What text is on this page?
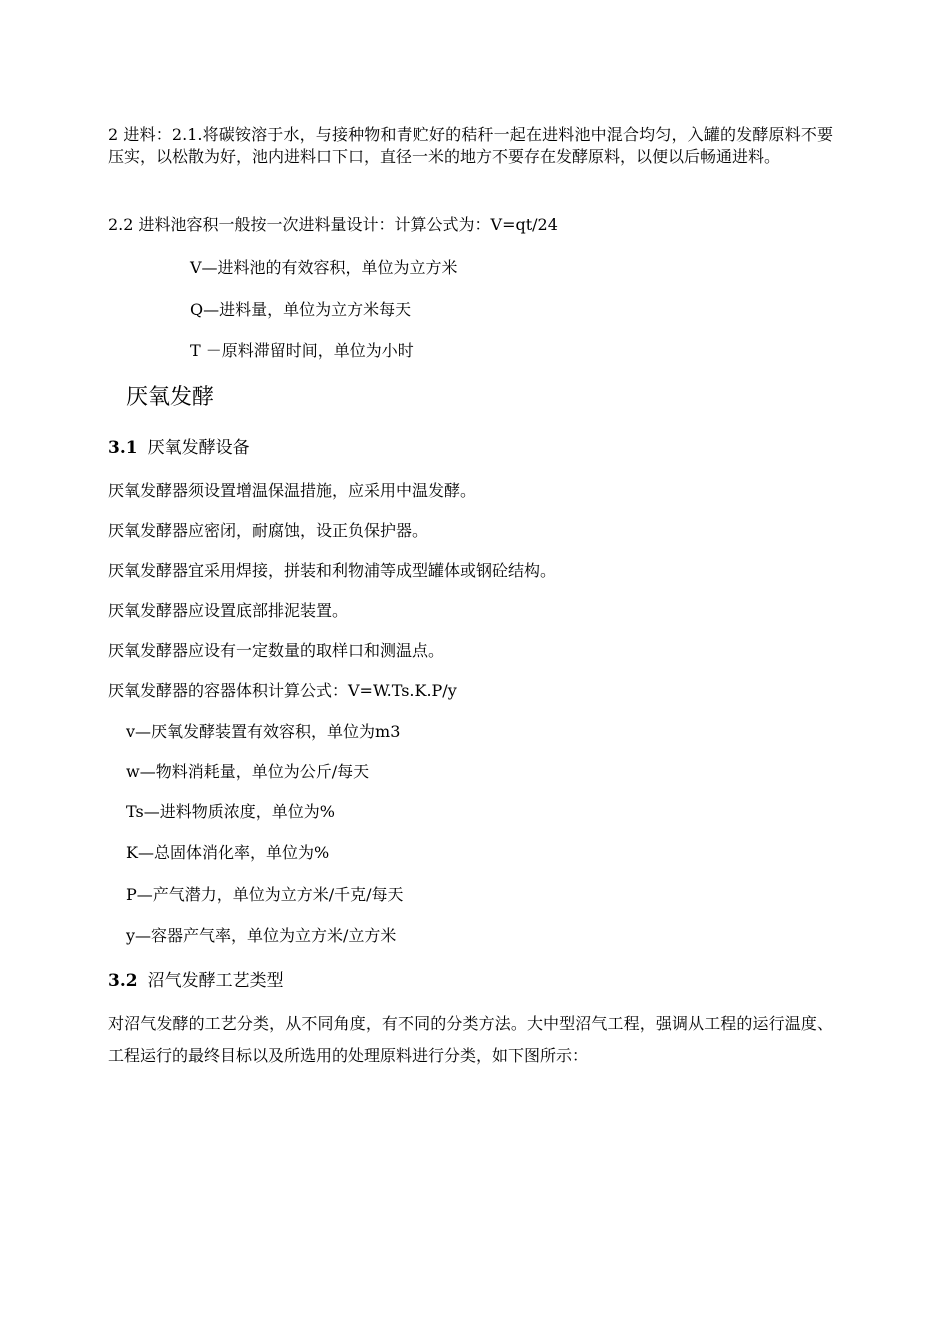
2 进料：2.1.将碳铵溶于水，与接种物和青贮好的秸秆一起在进料池中混合均匀，入罐的发酵原料不要压实，以松散为好，池内进料口下口，直径一米的地方不要存在发酵原料，以便以后畅通进料。
2.2 进料池容积一般按一次进料量设计：计算公式为：V=qt/24
V—进料池的有效容积，单位为立方米
Q—进料量，单位为立方米每天
T －原料滞留时间，单位为小时
厌氧发酵
3.1 厌氧发酵设备
厌氧发酵器须设置增温保温措施，应采用中温发酵。
厌氧发酵器应密闭，耐腐蚀，设正负保护器。
厌氧发酵器宜采用焊接，拼装和利物浦等成型罐体或钢砼结构。
厌氧发酵器应设置底部排泥装置。
厌氧发酵器应设有一定数量的取样口和测温点。
厌氧发酵器的容器体积计算公式：V=W.Ts.K.P/y
v—厌氧发酵装置有效容积，单位为m3
w—物料消耗量，单位为公斤/每天
Ts—进料物质浓度，单位为%
K—总固体消化率，单位为%
P—产气潜力，单位为立方米/千克/每天
y—容器产气率，单位为立方米/立方米
3.2 沼气发酵工艺类型
对沼气发酵的工艺分类，从不同角度，有不同的分类方法。大中型沼气工程，强调从工程的运行温度、工程运行的最终目标以及所选用的处理原料进行分类，如下图所示：
